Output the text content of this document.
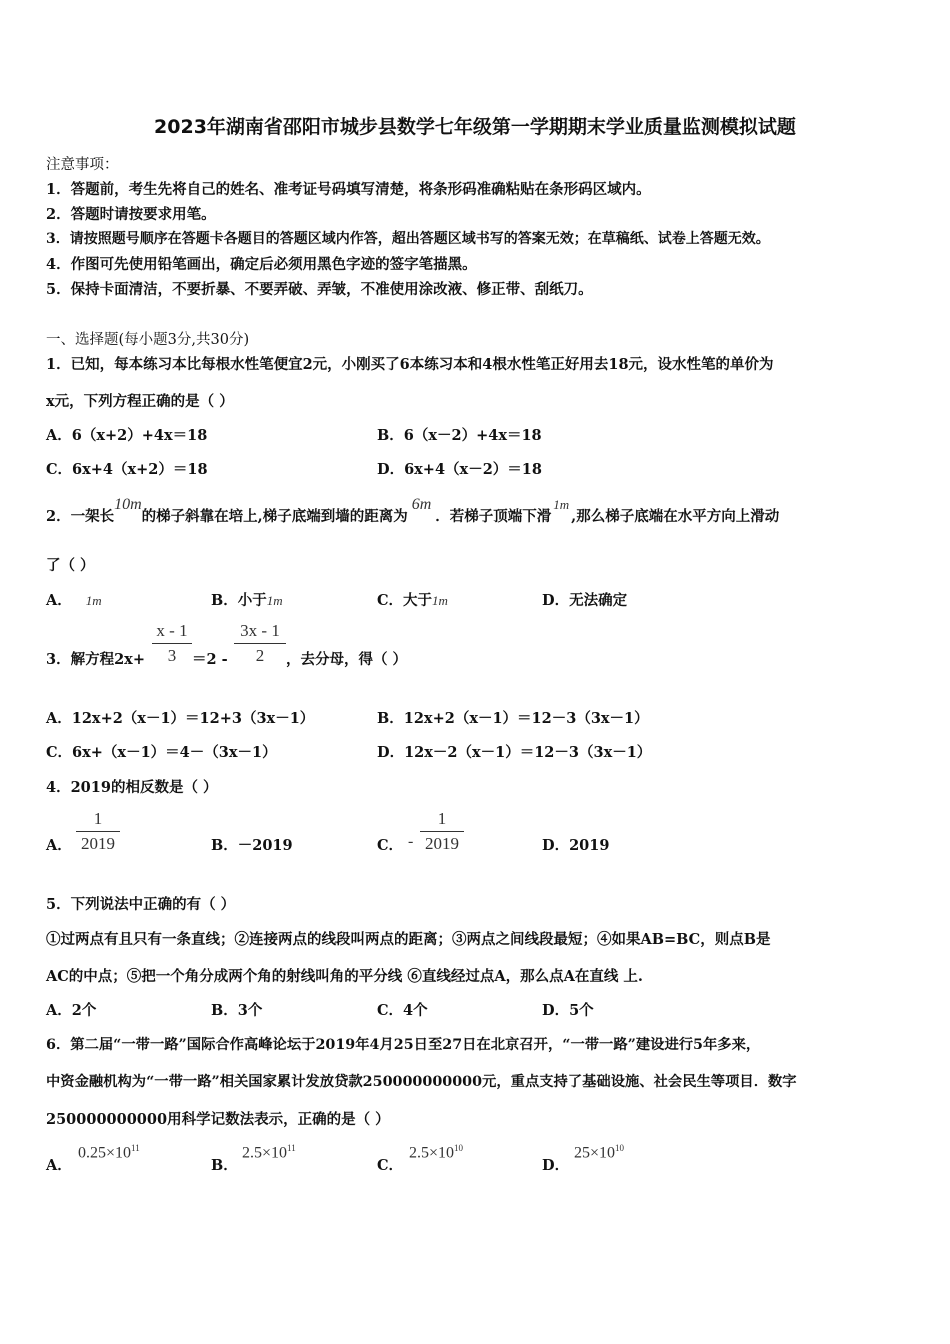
2023年湖南省邵阳市城步县数学七年级第一学期期末学业质量监测模拟试题
注意事项：
1．答题前，考生先将自己的姓名、准考证号码填写清楚，将条形码准确粘贴在条形码区域内。
2．答题时请按要求用笔。
3．请按照题号顺序在答题卡各题目的答题区域内作答，超出答题区域书写的答案无效；在草稿纸、试卷上答题无效。
4．作图可先使用铅笔画出，确定后必须用黑色字迹的签字笔描黑。
5．保持卡面清洁，不要折暴、不要弄破、弄皱，不准使用涂改液、修正带、刮纸刀。
一、选择题(每小题3分,共30分)
1．已知，每本练习本比每根水性笔便宜2元，小刚买了6本练习本和4根水性笔正好用去18元，设水性笔的单价为
x元，下列方程正确的是（ ）
A．6（x+2）+4x＝18	B．6（x－2）+4x＝18
C．6x+4（x+2）＝18	D．6x+4（x－2）＝18
2．一架长10m的梯子斜靠在培上,梯子底端到墙的距离为6m．若梯子顶端下滑1m,那么梯子底端在水平方向上滑动
了（ ）
A． 1m	B．小于1m	C．大于1m	D．无法确定
3．解方程2x+
x - 1
3	＝2 -
3x - 1
2	，去分母，得（ ）
A．12x+2（x－1）＝12+3（3x－1）	B．12x+2（x－1）＝12－3（3x－1）
C．6x+（x－1）＝4－（3x－1）	D．12x－2（x－1）＝12－3（3x－1）
4．2019的相反数是（ ）
A．
1
2019	B．－2019	C． -
1
2019	D．2019
5．下列说法中正确的有（ ）
①过两点有且只有一条直线；②连接两点的线段叫两点的距离；③两点之间线段最短；④如果AB=BC，则点B是
AC的中点；⑤把一个角分成两个角的射线叫角的平分线 ⑥直线经过点A，那么点A在直线 上.
A．2个	B．3个	C．4个	D．5个
6．第二届“一带一路”国际合作高峰论坛于2019年4月25日至27日在北京召开，“一带一路”建设进行5年多来，
中资金融机构为“一带一路”相关国家累计发放贷款250000000000元，重点支持了基础设施、社会民生等项目．数字
250000000000用科学记数法表示，正确的是（ ）
A．
$0.25\times 10^{11}$
B．
$2.5\times 10^{11}$
C．
$2.5\times 10^{10}$
D．
$25\times 10^{10}$
